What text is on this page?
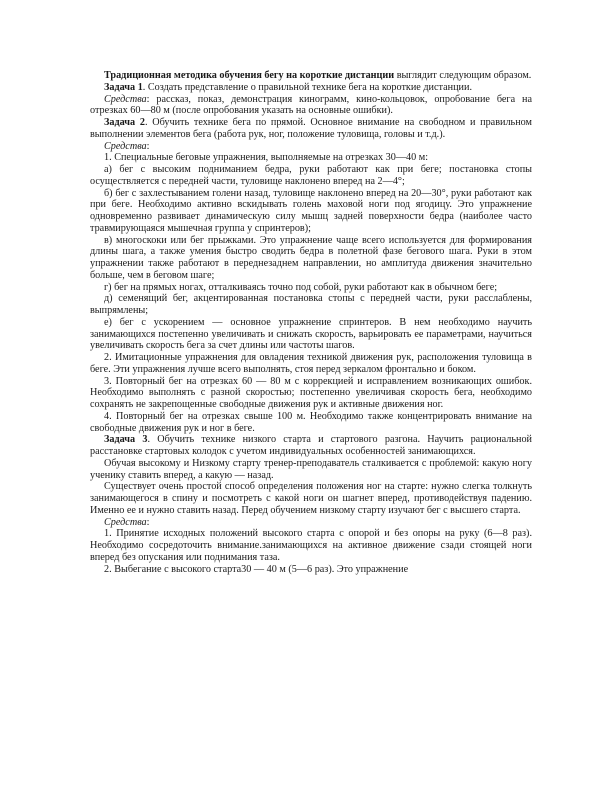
Традиционная методика обучения бегу на короткие дистанции выглядит следующим образом.

Задача 1. Создать представление о правильной технике бега на короткие дистанции.

Средства: рассказ, показ, демонстрация кинограмм, кино-кольцовок, опробование бега на отрезках 60—80 м (после опробования указать на основные ошибки).

Задача 2. Обучить технике бега по прямой. Основное внимание на свободном и правильном выполнении элементов бега (работа рук, ног, положение туловища, головы и т.д.).

Средства:

1. Специальные беговые упражнения, выполняемые на отрезках 30—40 м:

а) бег с высоким подниманием бедра, руки работают как при беге; постановка стопы осуществляется с передней части, туловище наклонено вперед на 2—4°;

б) бег с захлестыванием голени назад, туловище наклонено вперед на 20—30°, руки работают как при беге. Необходимо активно вскидывать голень маховой ноги под ягодицу. Это упражнение одновременно развивает динамическую силу мышц задней поверхности бедра (наиболее часто травмирующаяся мышечная группа у спринтеров);

в) многоскоки или бег прыжками. Это упражнение чаще всего используется для формирования длины шага, а также умения быстро сводить бедра в полетной фазе бегового шага. Руки в этом упражнении также работают в переднезаднем направлении, но амплитуда движения значительно больше, чем в беговом шаге;

г) бег на прямых ногах, отталкиваясь точно под собой, руки работают как в обычном беге;

д) семенящий бег, акцентированная постановка стопы с передней части, руки расслаблены, выпрямлены;

е) бег с ускорением — основное упражнение спринтеров. В нем необходимо научить занимающихся постепенно увеличивать и снижать скорость, варьировать ее параметрами, научиться увеличивать скорость бега за счет длины или частоты шагов.

2. Имитационные упражнения для овладения техникой движения рук, расположения туловища в беге. Эти упражнения лучше всего выполнять, стоя перед зеркалом фронтально и боком.

3. Повторный бег на отрезках 60 — 80 м с коррекцией и исправлением возникающих ошибок. Необходимо выполнять с разной скоростью; постепенно увеличивая скорость бега, необходимо сохранять не закрепощенные свободные движения рук и активные движения ног.

4. Повторный бег на отрезках свыше 100 м. Необходимо также концентрировать внимание на свободные движения рук и ног в беге.

Задача 3. Обучить технике низкого старта и стартового разгона. Научить рациональной расстановке стартовых колодок с учетом индивидуальных особенностей занимающихся.

Обучая высокому и Низкому старту тренер-преподаватель сталкивается с проблемой: какую ногу ученику ставить вперед, а какую — назад.

Существует очень простой способ определения положения ног на старте: нужно слегка толкнуть занимающегося в спину и посмотреть с какой ноги он шагнет вперед, противодействуя падению. Именно ее и нужно ставить назад. Перед обучением низкому старту изучают бег с высшего старта.

Средства:

1. Принятие исходных положений высокого старта с опорой и без опоры на руку (6—8 раз). Необходимо сосредоточить внимание.занимающихся на активное движение сзади стоящей ноги вперед без опускания или поднимания таза.

2. Выбегание с высокого старта30 — 40 м (5—6 раз). Это упражнение
